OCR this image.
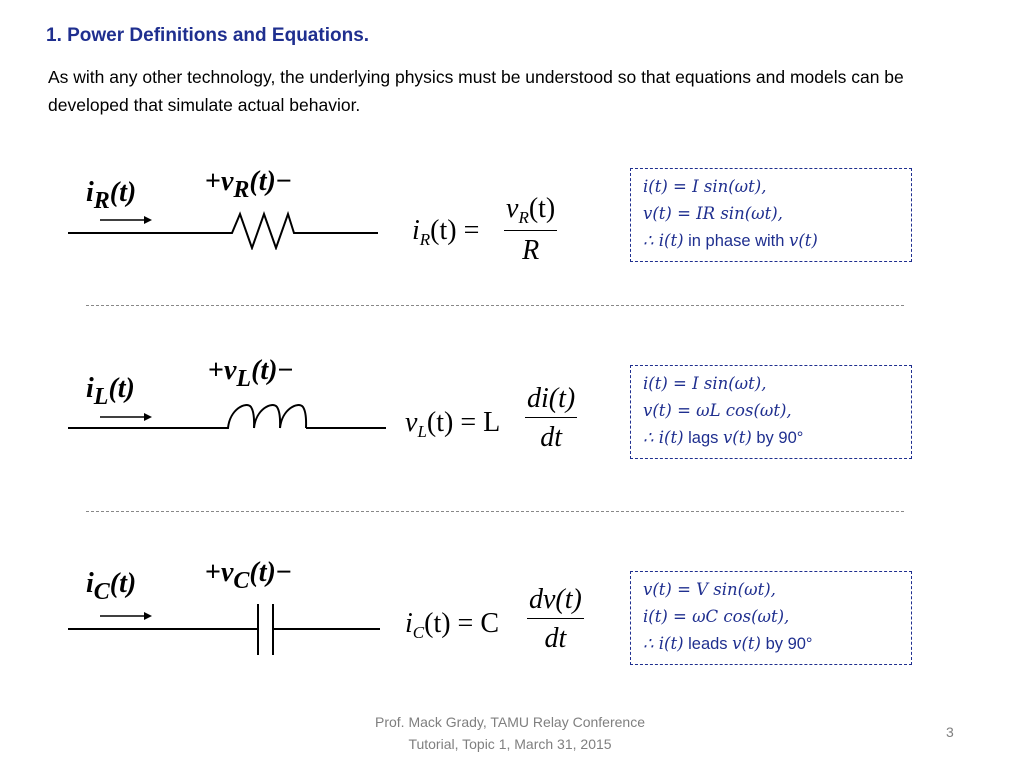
1. Power Definitions and Equations.
As with any other technology, the underlying physics must be understood so that equations and models can be developed that simulate actual behavior.
$i_R(t) +v_R(t)-$
$i_R(t) = \frac{v_R(t)}{R}$
i(t) = I sin(ωt),
v(t) = IR sin(ωt),
∴ i(t) in phase with v(t)
$i_L(t)$
$+v_L(t)-$
$v_L(t) = L \frac{di(t)}{dt}$	i(t) = I sin(ωt),
v(t) = ωL cos(ωt),
∴ i(t) lags v(t) by 90°
$i_C(t) +v_C(t)-$
$i_C(t) = C \frac{dv(t)}{dt}$	v(t) = V sin(ωt),
i(t) = ωC cos(ωt),
∴ i(t) leads v(t) by 90°
Prof. Mack Grady, TAMU Relay Conference
Tutorial, Topic 1, March 31, 2015
3
